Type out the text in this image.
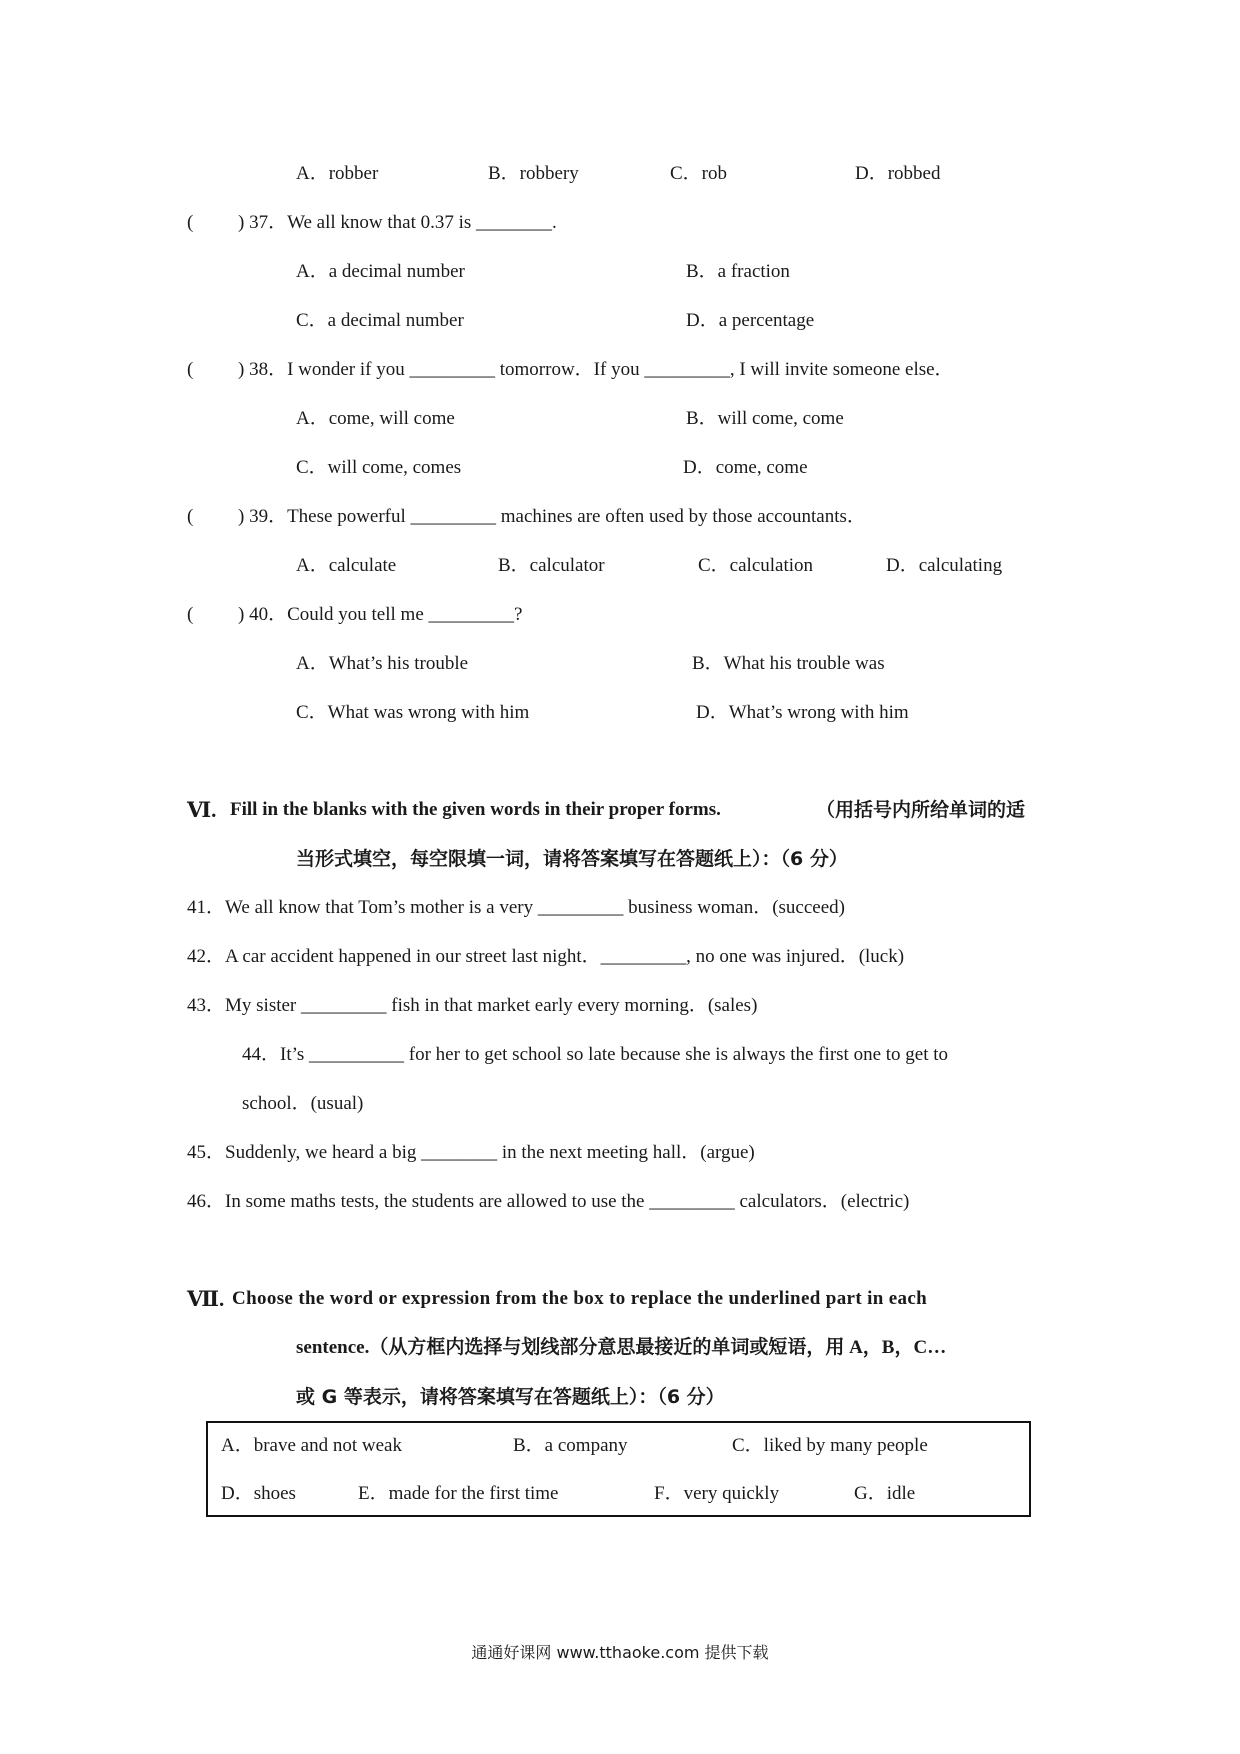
A．robber	B．robbery	C．rob	D．robbed
( ) 37．We all know that 0.37 is ________.
A．a decimal number	B．a fraction
C．a decimal number	D．a percentage
( ) 38．I wonder if you _________ tomorrow．If you _________, I will invite someone else．
A．come, will come	B．will come, come
C．will come, comes	D．come, come
( ) 39．These powerful _________ machines are often used by those accountants．
A．calculate	B．calculator	C．calculation	D．calculating
( ) 40．Could you tell me _________?
A．What’s his trouble	B．What his trouble was
C．What was wrong with him	D．What’s wrong with him
Ⅵ. Fill in the blanks with the given words in their proper forms.	（用括号内所给单词的适
当形式填空，每空限填一词，请将答案填写在答题纸上）：（6 分）
41．We all know that Tom’s mother is a very _________ business woman．(succeed)
42．A car accident happened in our street last night．_________, no one was injured．(luck)
43．My sister _________ fish in that market early every morning．(sales)
44．It’s __________ for her to get school so late because she is always the first one to get to
school．(usual)
45．Suddenly, we heard a big ________ in the next meeting hall．(argue)
46．In some maths tests, the students are allowed to use the _________ calculators．(electric)
Ⅶ. Choose the word or expression from the box to replace the underlined part in each
sentence.（从方框内选择与划线部分意思最接近的单词或短语，用 A，B，C…
或 G 等表示，请将答案填写在答题纸上）：（6 分）
A．brave and not weak	B．a company	C．liked by many people
D．shoes	E．made for the first time	F．very quickly	G．idle
通通好课网 www.tthaoke.com 提供下载
